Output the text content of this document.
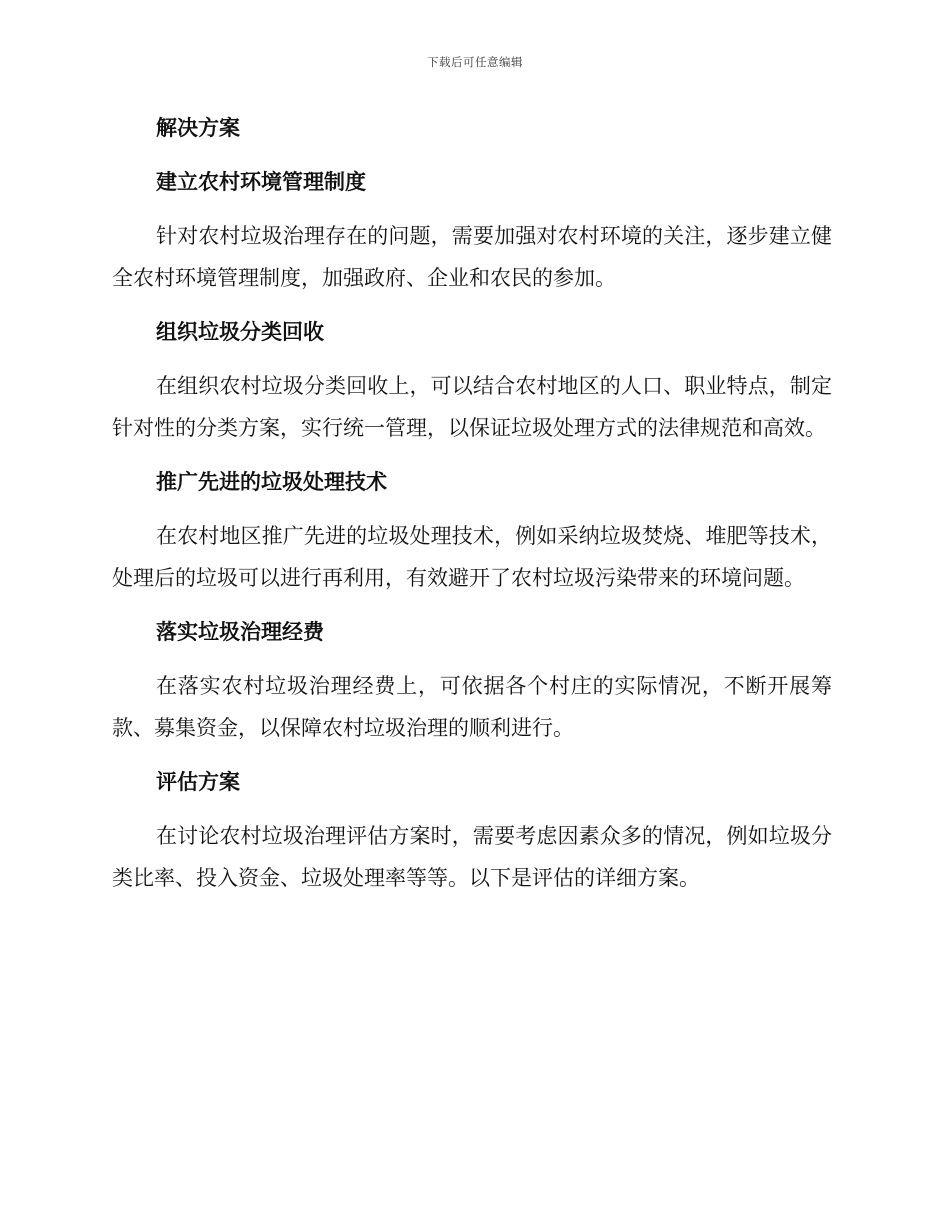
下载后可任意编辑
解决方案
建立农村环境管理制度

针对农村垃圾治理存在的问题，需要加强对农村环境的关注，逐步建立健全农村环境管理制度，加强政府、企业和农民的参加。

组织垃圾分类回收

在组织农村垃圾分类回收上，可以结合农村地区的人口、职业特点，制定针对性的分类方案，实行统一管理，以保证垃圾处理方式的法律规范和高效。

推广先进的垃圾处理技术

在农村地区推广先进的垃圾处理技术，例如采纳垃圾焚烧、堆肥等技术，处理后的垃圾可以进行再利用，有效避开了农村垃圾污染带来的环境问题。

落实垃圾治理经费

在落实农村垃圾治理经费上，可依据各个村庄的实际情况，不断开展筹款、募集资金，以保障农村垃圾治理的顺利进行。

评估方案

在讨论农村垃圾治理评估方案时，需要考虑因素众多的情况，例如垃圾分类比率、投入资金、垃圾处理率等等。以下是评估的详细方案。
